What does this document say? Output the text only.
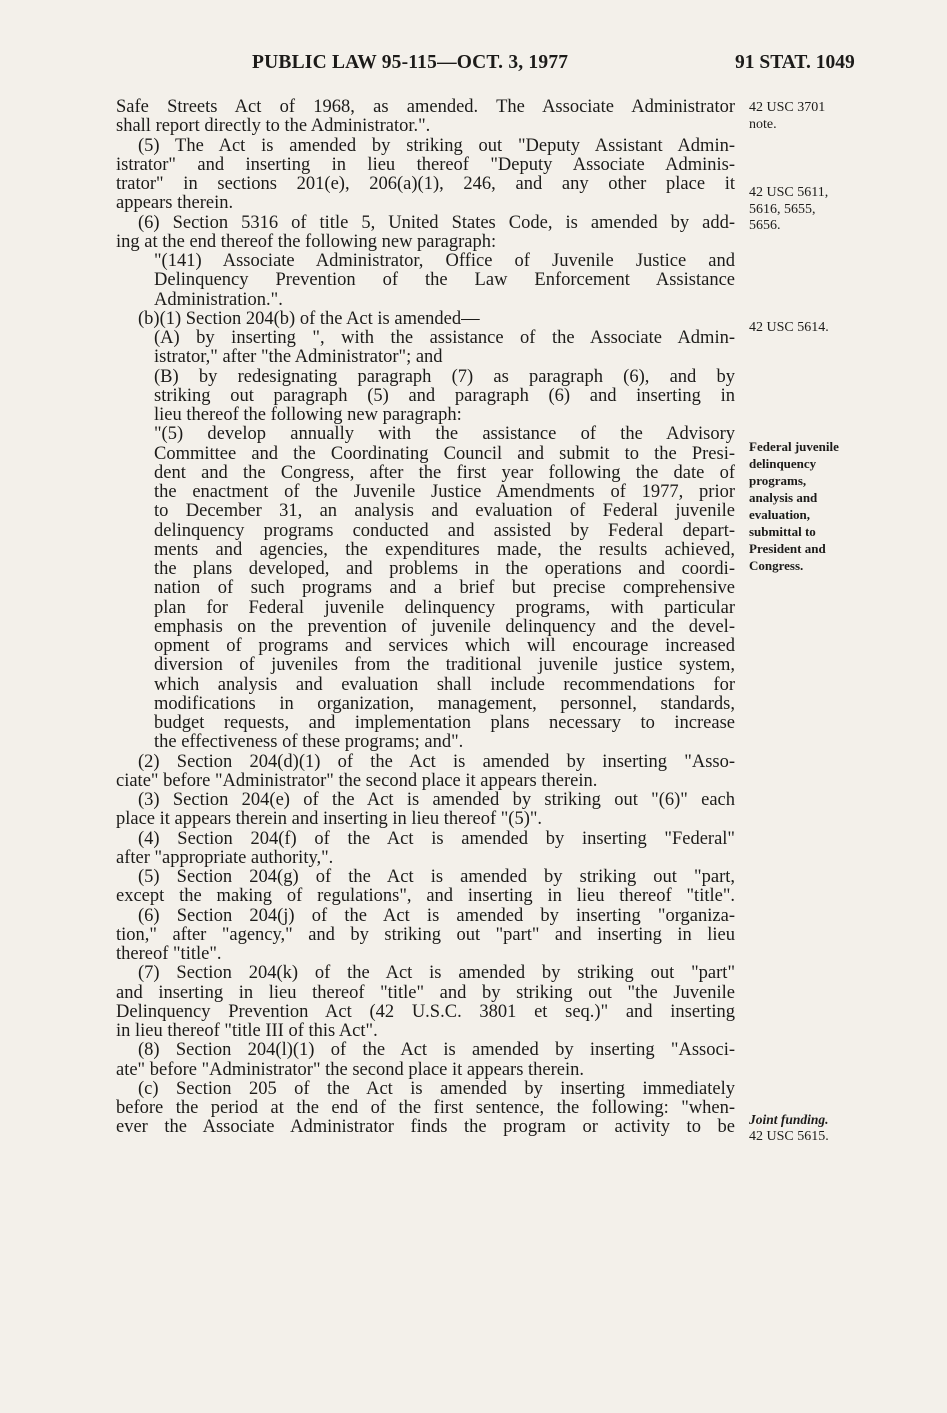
PUBLIC LAW 95-115—OCT. 3, 1977	91 STAT. 1049
Safe Streets Act of 1968, as amended. The Associate Administrator
shall report directly to the Administrator.".
(5) The Act is amended by striking out "Deputy Assistant Admin-
istrator" and inserting in lieu thereof "Deputy Associate Adminis-
trator" in sections 201(e), 206(a)(1), 246, and any other place it
appears therein.
(6) Section 5316 of title 5, United States Code, is amended by add-
ing at the end thereof the following new paragraph:
"(141) Associate Administrator, Office of Juvenile Justice and
Delinquency Prevention of the Law Enforcement Assistance
Administration.".
(b)(1) Section 204(b) of the Act is amended—
(A) by inserting ", with the assistance of the Associate Admin-
istrator," after "the Administrator"; and
(B) by redesignating paragraph (7) as paragraph (6), and by
striking out paragraph (5) and paragraph (6) and inserting in
lieu thereof the following new paragraph:
"(5) develop annually with the assistance of the Advisory
Committee and the Coordinating Council and submit to the Presi-
dent and the Congress, after the first year following the date of
the enactment of the Juvenile Justice Amendments of 1977, prior
to December 31, an analysis and evaluation of Federal juvenile
delinquency programs conducted and assisted by Federal depart-
ments and agencies, the expenditures made, the results achieved,
the plans developed, and problems in the operations and coordi-
nation of such programs and a brief but precise comprehensive
plan for Federal juvenile delinquency programs, with particular
emphasis on the prevention of juvenile delinquency and the devel-
opment of programs and services which will encourage increased
diversion of juveniles from the traditional juvenile justice system,
which analysis and evaluation shall include recommendations for
modifications in organization, management, personnel, standards,
budget requests, and implementation plans necessary to increase
the effectiveness of these programs; and".
(2) Section 204(d)(1) of the Act is amended by inserting "Asso-
ciate" before "Administrator" the second place it appears therein.
(3) Section 204(e) of the Act is amended by striking out "(6)" each
place it appears therein and inserting in lieu thereof "(5)".
(4) Section 204(f) of the Act is amended by inserting "Federal"
after "appropriate authority,".
(5) Section 204(g) of the Act is amended by striking out "part,
except the making of regulations", and inserting in lieu thereof "title".
(6) Section 204(j) of the Act is amended by inserting "organiza-
tion," after "agency," and by striking out "part" and inserting in lieu
thereof "title".
(7) Section 204(k) of the Act is amended by striking out "part"
and inserting in lieu thereof "title" and by striking out "the Juvenile
Delinquency Prevention Act (42 U.S.C. 3801 et seq.)" and inserting
in lieu thereof "title III of this Act".
(8) Section 204(l)(1) of the Act is amended by inserting "Associ-
ate" before "Administrator" the second place it appears therein.
(c) Section 205 of the Act is amended by inserting immediately
before the period at the end of the first sentence, the following: "when-
ever the Associate Administrator finds the program or activity to be
42 USC 3701
note.
42 USC 5611,
5616, 5655,
5656.
42 USC 5614.
Federal juvenile
delinquency
programs,
analysis and
evaluation,
submittal to
President and
Congress.
Joint funding.
42 USC 5615.
